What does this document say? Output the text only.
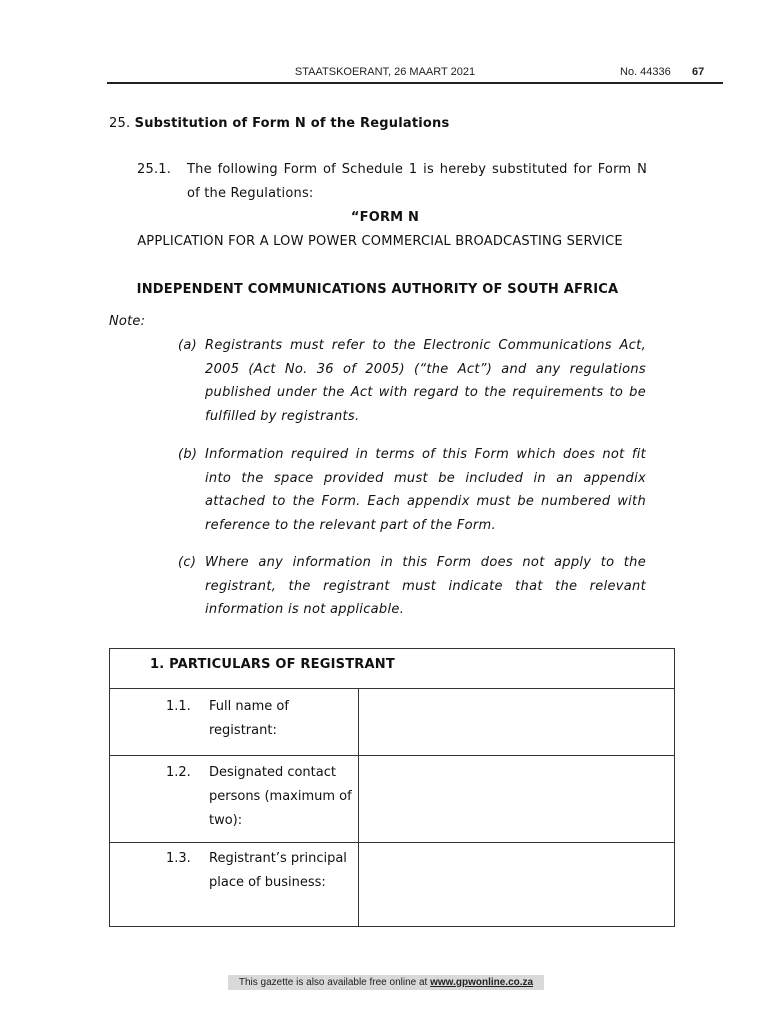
STAATSKOERANT, 26 MAART 2021	No. 44336 67
25. Substitution of Form N of the Regulations
25.1. The following Form of Schedule 1 is hereby substituted for Form N of the Regulations:
“FORM N
APPLICATION FOR A LOW POWER COMMERCIAL BROADCASTING SERVICE
INDEPENDENT COMMUNICATIONS AUTHORITY OF SOUTH AFRICA
Note:
(a) Registrants must refer to the Electronic Communications Act, 2005 (Act No. 36 of 2005) (“the Act”) and any regulations published under the Act with regard to the requirements to be fulfilled by registrants.
(b) Information required in terms of this Form which does not fit into the space provided must be included in an appendix attached to the Form. Each appendix must be numbered with reference to the relevant part of the Form.
(c) Where any information in this Form does not apply to the registrant, the registrant must indicate that the relevant information is not applicable.
1. PARTICULARS OF REGISTRANT
1.1. Full name of registrant:
1.2. Designated contact persons (maximum of two):
1.3. Registrant’s principal place of business:
This gazette is also available free online at www.gpwonline.co.za
